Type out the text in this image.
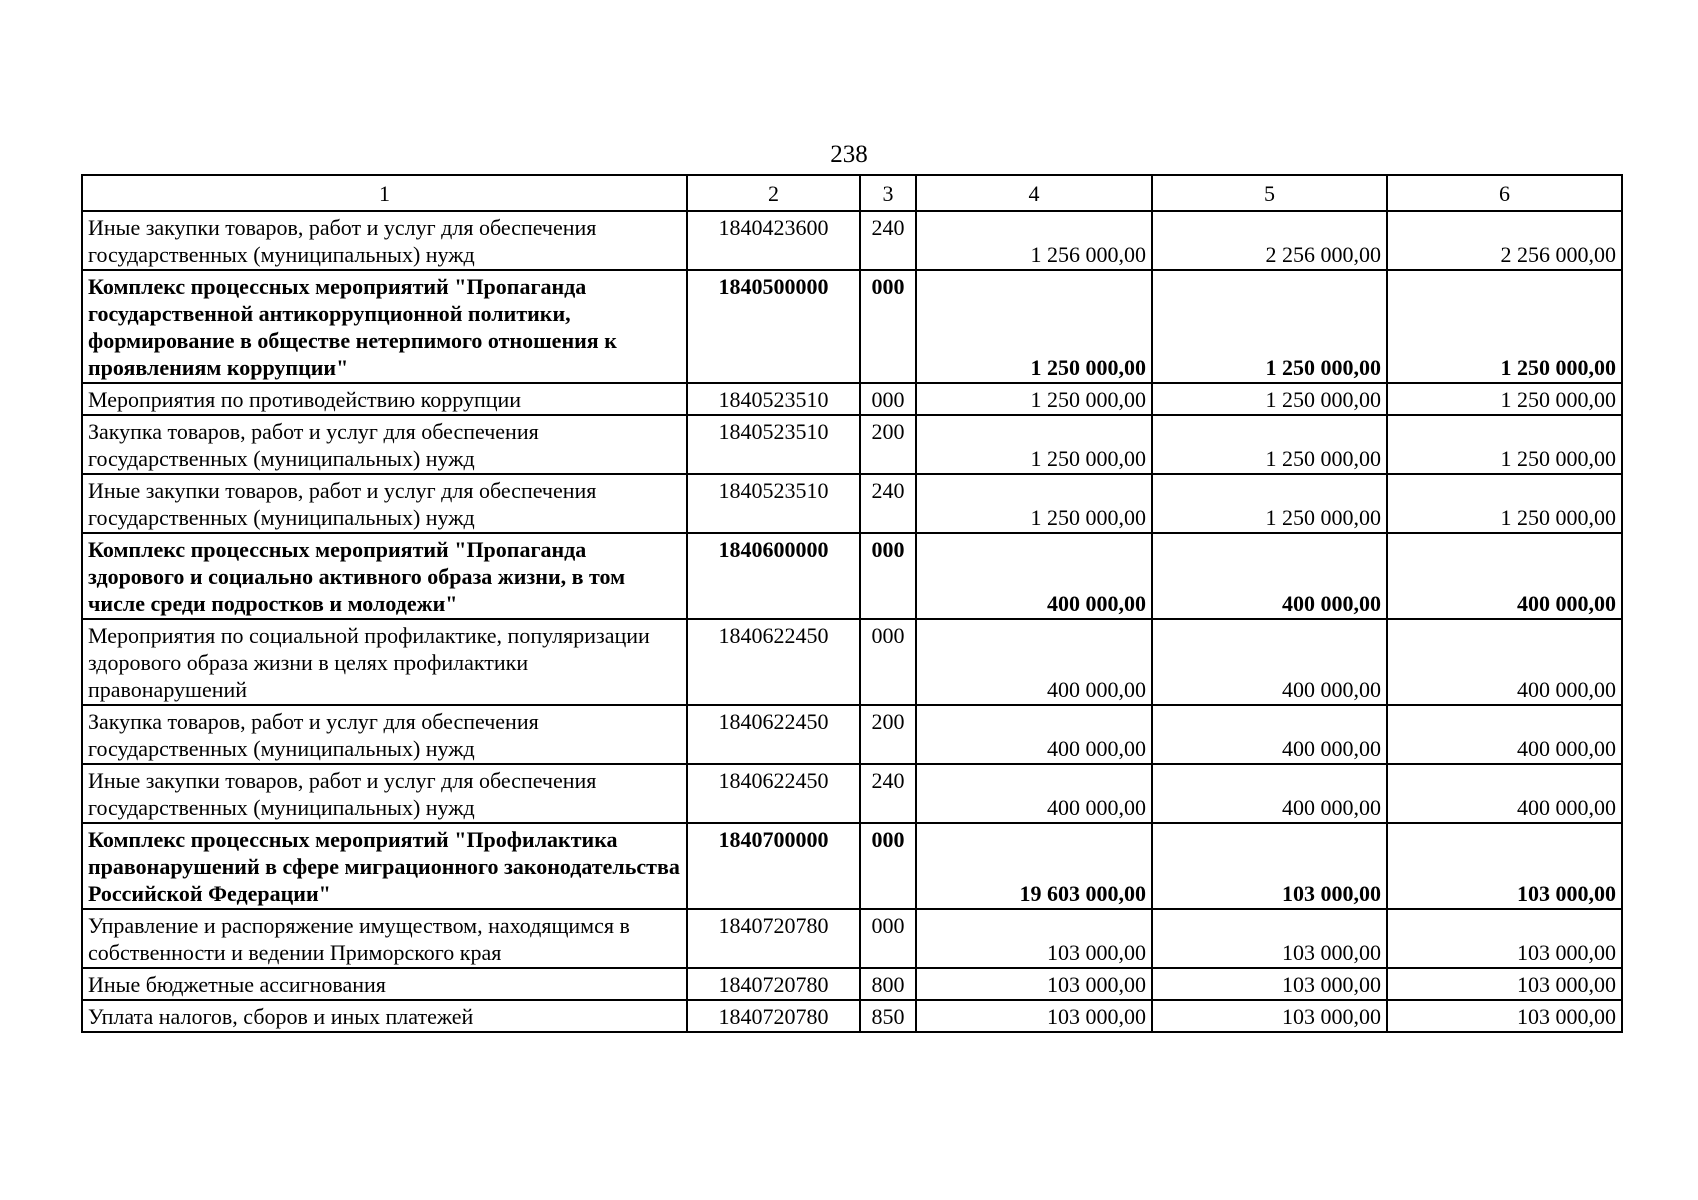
238
1	2	3	4	5	6
Иные закупки товаров, работ и услуг для обеспечения государственных (муниципальных) нужд	1840423600	240	1 256 000,00	2 256 000,00	2 256 000,00
Комплекс процессных мероприятий "Пропаганда государственной антикоррупционной политики, формирование в обществе нетерпимого отношения к проявлениям коррупции"	1840500000	000	1 250 000,00	1 250 000,00	1 250 000,00
Мероприятия по противодействию коррупции	1840523510	000	1 250 000,00	1 250 000,00	1 250 000,00
Закупка товаров, работ и услуг для обеспечения государственных (муниципальных) нужд	1840523510	200	1 250 000,00	1 250 000,00	1 250 000,00
Иные закупки товаров, работ и услуг для обеспечения государственных (муниципальных) нужд	1840523510	240	1 250 000,00	1 250 000,00	1 250 000,00
Комплекс процессных мероприятий "Пропаганда здорового и социально активного образа жизни, в том числе среди подростков и молодежи"	1840600000	000	400 000,00	400 000,00	400 000,00
Мероприятия по социальной профилактике, популяризации здорового образа жизни в целях профилактики правонарушений	1840622450	000	400 000,00	400 000,00	400 000,00
Закупка товаров, работ и услуг для обеспечения государственных (муниципальных) нужд	1840622450	200	400 000,00	400 000,00	400 000,00
Иные закупки товаров, работ и услуг для обеспечения государственных (муниципальных) нужд	1840622450	240	400 000,00	400 000,00	400 000,00
Комплекс процессных мероприятий "Профилактика правонарушений в сфере миграционного законодательства Российской Федерации"	1840700000	000	19 603 000,00	103 000,00	103 000,00
Управление и распоряжение имуществом, находящимся в собственности и ведении Приморского края	1840720780	000	103 000,00	103 000,00	103 000,00
Иные бюджетные ассигнования	1840720780	800	103 000,00	103 000,00	103 000,00
Уплата налогов, сборов и иных платежей	1840720780	850	103 000,00	103 000,00	103 000,00
